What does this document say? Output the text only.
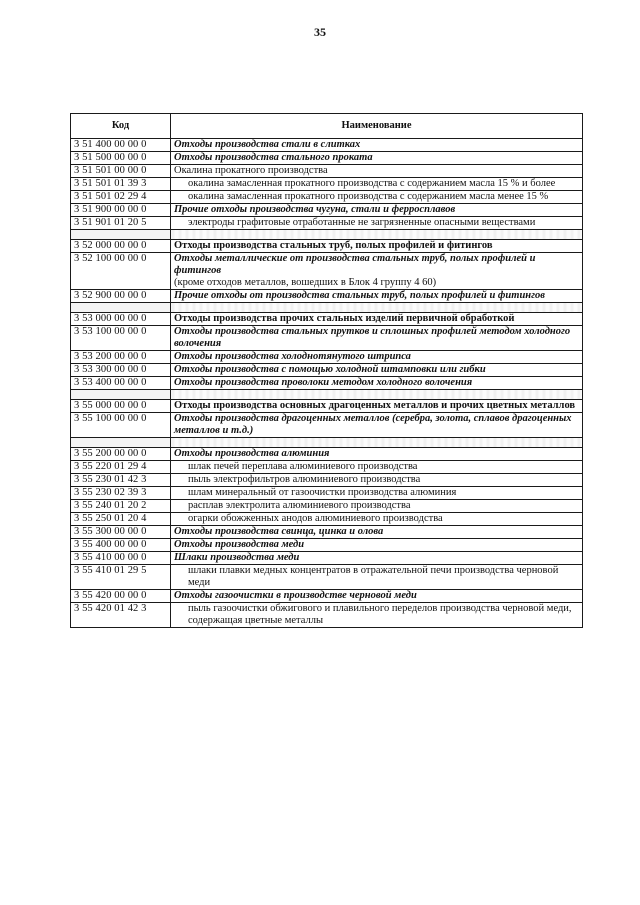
35
Код	Наименование
3 51 400 00 00 0	Отходы производства стали в слитках
3 51 500 00 00 0	Отходы производства стального проката
3 51 501 00 00 0	Окалина прокатного производства
3 51 501 01 39 3	окалина замасленная прокатного производства с содержанием масла 15 % и более
3 51 501 02 29 4	окалина замасленная прокатного производства с содержанием масла менее 15 %
3 51 900 00 00 0	Прочие отходы производства чугуна, стали и ферросплавов
3 51 901 01 20 5	электроды графитовые отработанные не загрязненные опасными веществами

3 52 000 00 00 0	Отходы производства стальных труб, полых профилей и фитингов
3 52 100 00 00 0	Отходы металлические от производства стальных труб, полых профилей и фитингов
(кроме отходов металлов, вошедших в Блок 4 группу 4 60)

3 52 900 00 00 0	Прочие отходы от производства стальных труб, полых профилей и фитингов

3 53 000 00 00 0	Отходы производства прочих стальных изделий первичной обработкой
3 53 100 00 00 0	Отходы производства стальных прутков и сплошных профилей методом холодного волочения
3 53 200 00 00 0	Отходы производства холоднотянутого штрипса
3 53 300 00 00 0	Отходы производства с помощью холодной штамповки или гибки
3 53 400 00 00 0	Отходы производства проволоки методом холодного волочения

3 55 000 00 00 0	Отходы производства основных драгоценных металлов и прочих цветных металлов
3 55 100 00 00 0	Отходы производства драгоценных металлов (серебра, золота, сплавов драгоценных металлов и т.д.)

3 55 200 00 00 0	Отходы производства алюминия
3 55 220 01 29 4	шлак печей переплава алюминиевого производства
3 55 230 01 42 3	пыль электрофильтров алюминиевого производства
3 55 230 02 39 3	шлам минеральный от газоочистки производства алюминия
3 55 240 01 20 2	расплав электролита алюминиевого производства
3 55 250 01 20 4	огарки обожженных анодов алюминиевого производства
3 55 300 00 00 0	Отходы производства свинца, цинка и олова
3 55 400 00 00 0	Отходы производства меди
3 55 410 00 00 0	Шлаки производства меди
3 55 410 01 29 5	шлаки плавки медных концентратов в отражательной печи производства черновой меди
3 55 420 00 00 0	Отходы газоочистки в производстве черновой меди
3 55 420 01 42 3	пыль газоочистки обжигового и плавильного переделов производства черновой меди, содержащая цветные металлы
